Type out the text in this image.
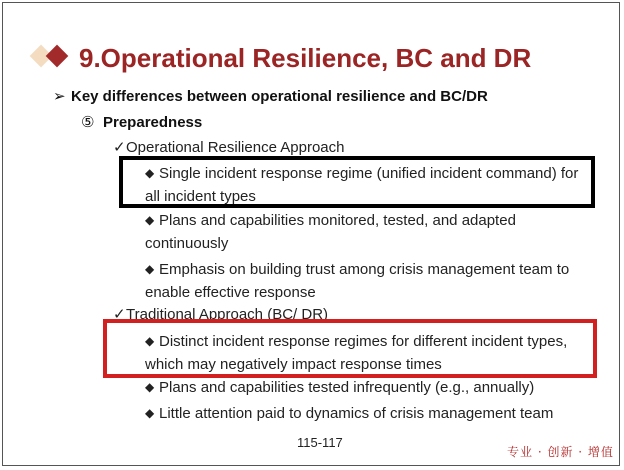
9.Operational Resilience, BC and DR
➢ Key differences between operational resilience and BC/DR
⑤ Preparedness
✓Operational Resilience Approach
◆ Single incident response regime (unified incident command) for all incident types
◆ Plans and capabilities monitored, tested, and adapted continuously
◆ Emphasis on building trust among crisis management team to enable effective response
✓Traditional Approach (BC/ DR)
◆ Distinct incident response regimes for different incident types, which may negatively impact response times
◆ Plans and capabilities tested infrequently (e.g., annually)
◆ Little attention paid to dynamics of crisis management team
115-117
专业 · 创新 · 增值
